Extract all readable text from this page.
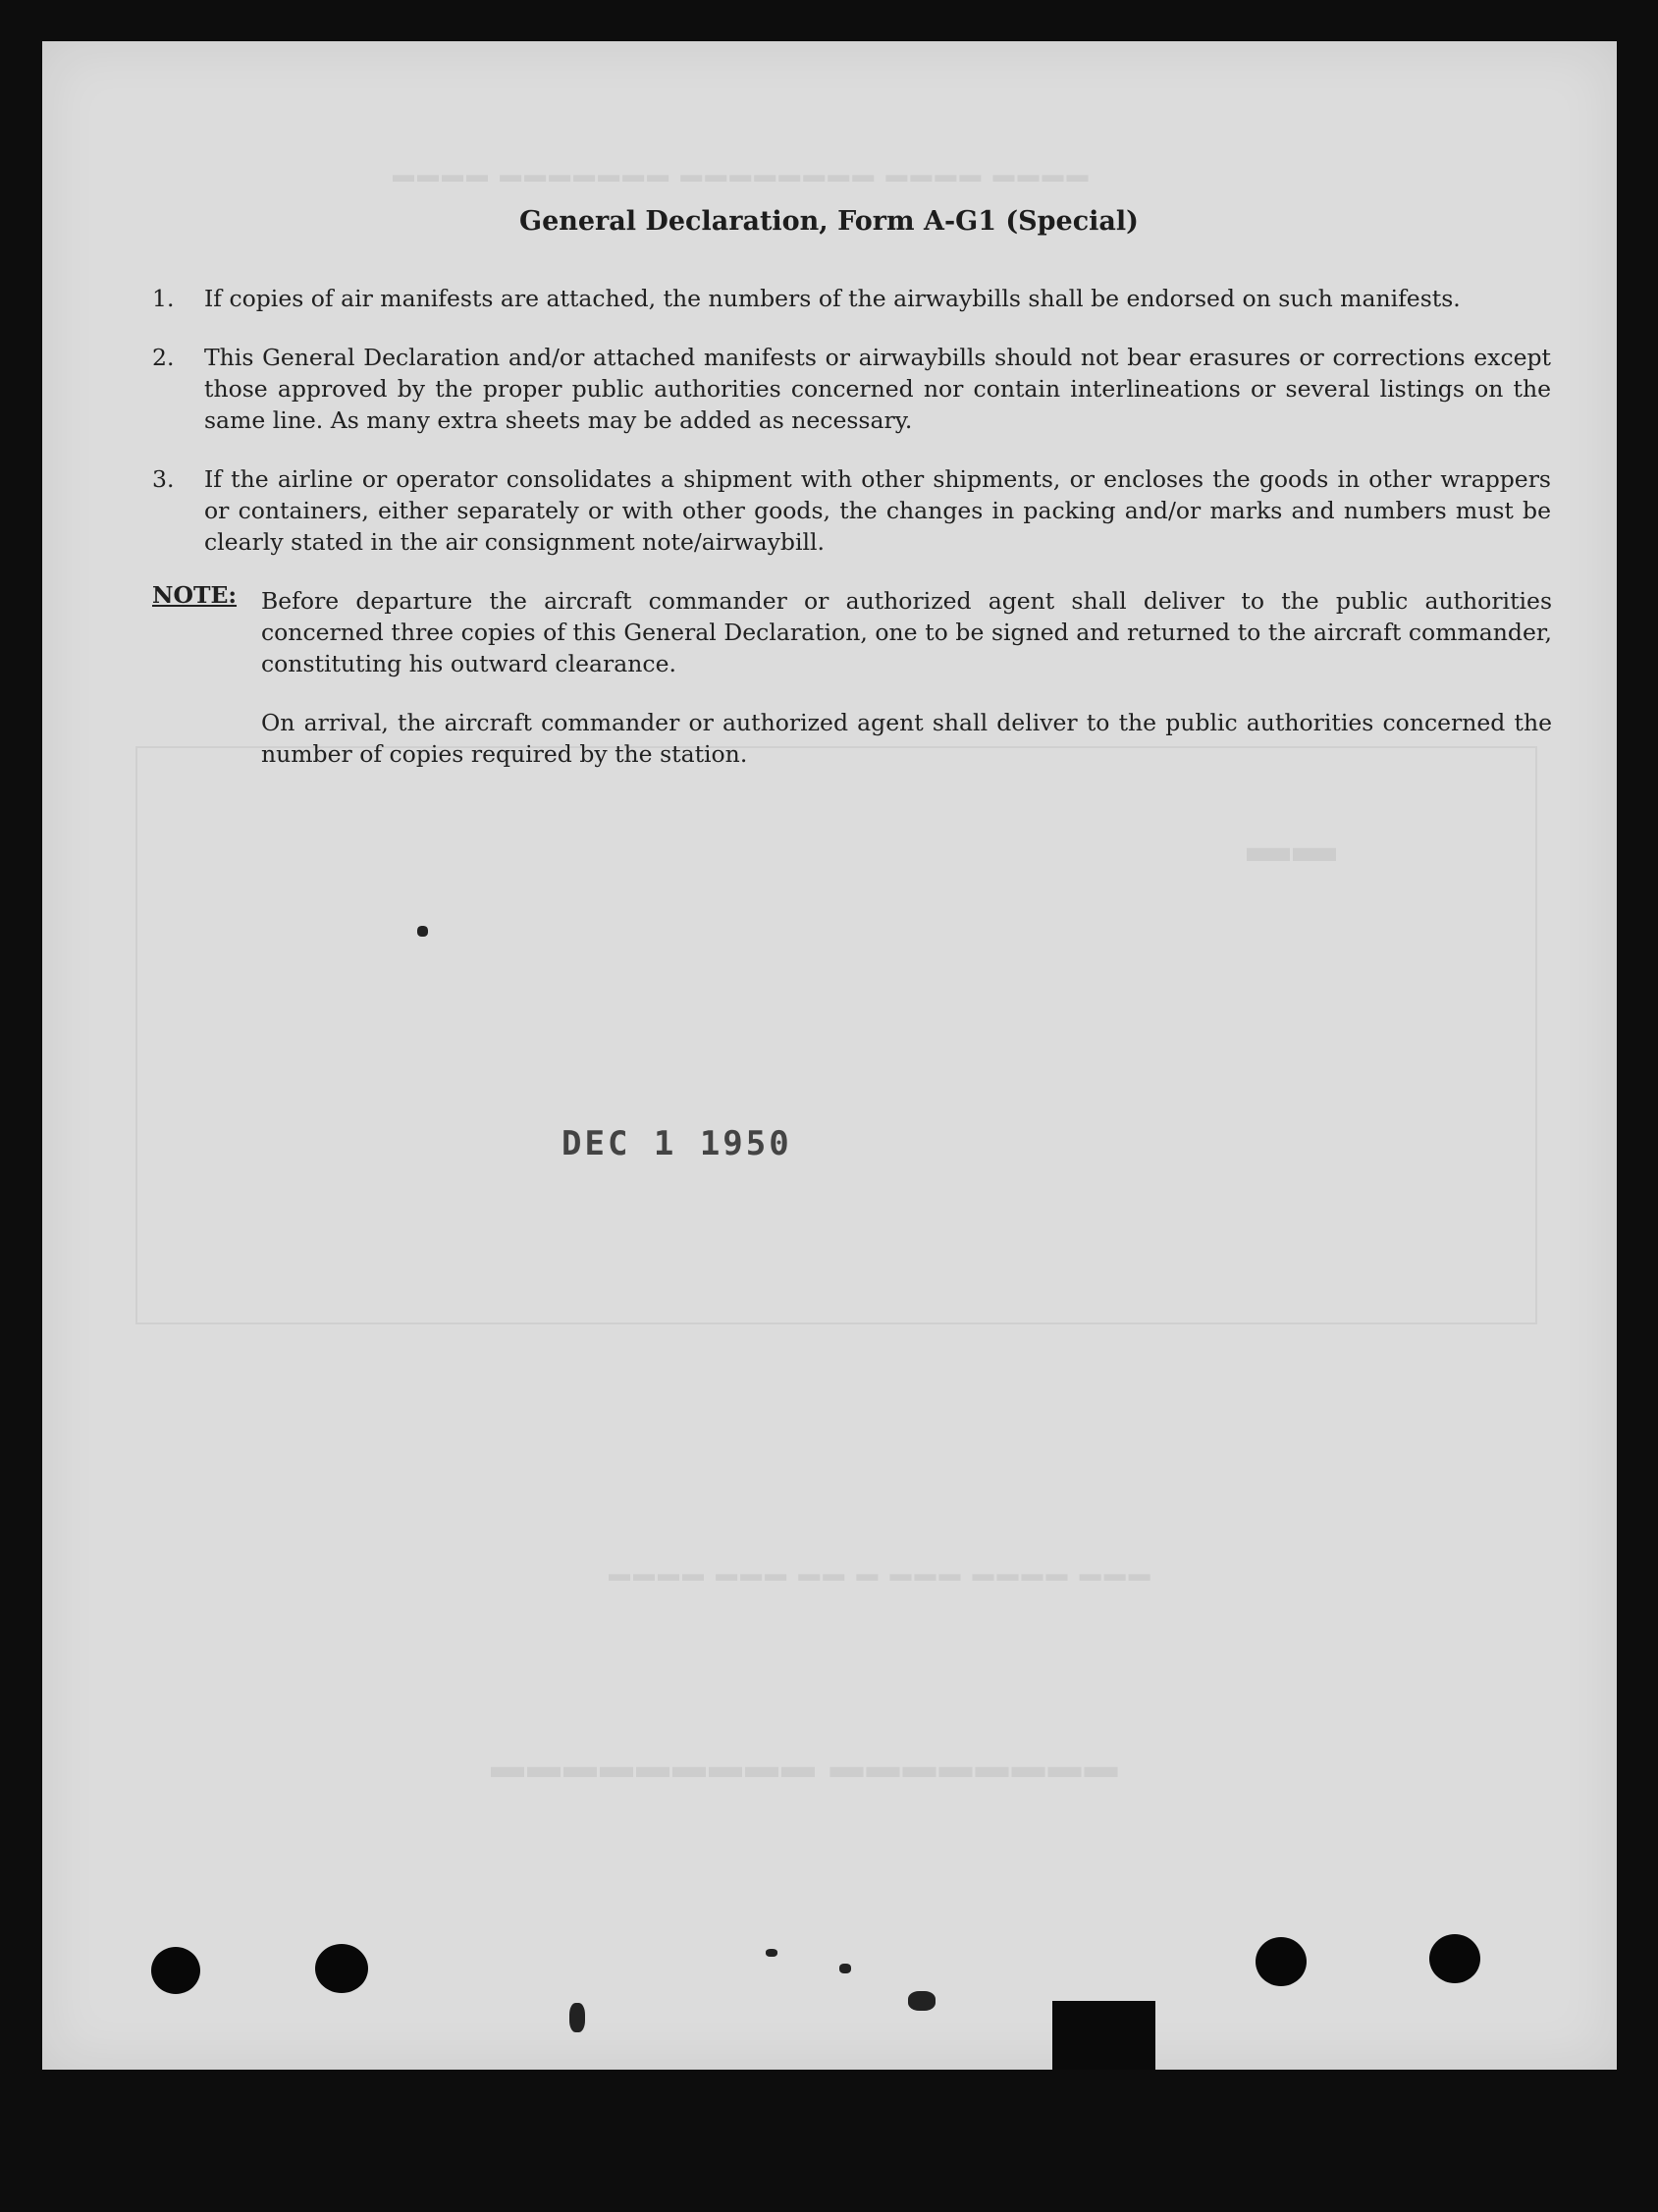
▬▬▬▬ ▬▬▬▬▬▬▬ ▬▬▬▬▬▬▬▬ ▬▬▬▬ ▬▬▬▬
▬▬
▬▬▬▬ ▬▬▬ ▬▬ ▬ ▬▬▬ ▬▬▬▬ ▬▬▬
▬▬▬▬▬▬▬▬▬ ▬▬▬▬▬▬▬▬
General Declaration, Form A-G1 (Special)
1.	If copies of air manifests are attached, the numbers of the airwaybills shall be endorsed on such manifests.
2.	This General Declaration and/or attached manifests or airwaybills should not bear erasures or corrections except those approved by the proper public authorities concerned nor contain interlineations or several listings on the same line. As many extra sheets may be added as necessary.
3.	If the airline or operator consolidates a shipment with other shipments, or encloses the goods in other wrappers or containers, either separately or with other goods, the changes in packing and/or marks and numbers must be clearly stated in the air consignment note/airwaybill.
NOTE: Before departure the aircraft commander or authorized agent shall deliver to the public authorities concerned three copies of this General Declaration, one to be signed and returned to the aircraft commander, constituting his outward clearance.
On arrival, the aircraft commander or authorized agent shall deliver to the public authorities concerned the number of copies required by the station.
DEC 1 1950
